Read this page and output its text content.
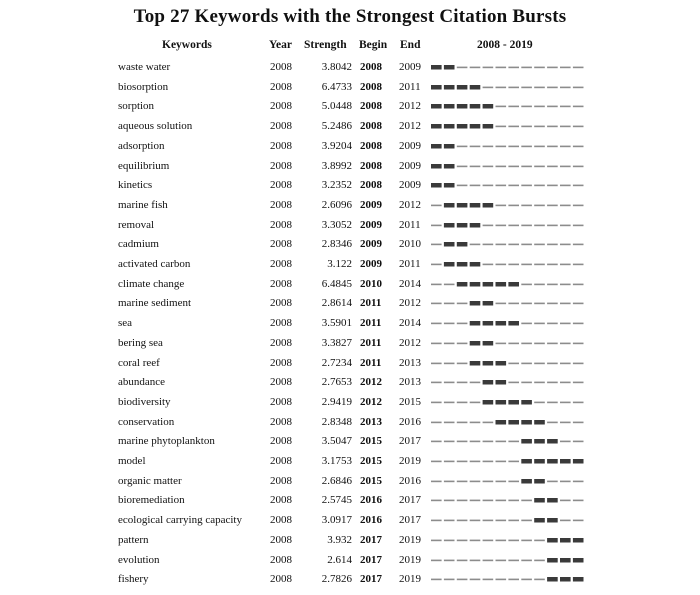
Top 27 Keywords with the Strongest Citation Bursts
Keywords	Year Strength Begin End	2008 - 2019
waste water	2008	3.8042 2008 2009
biosorption	2008	6.4733 2008 2011
sorption	2008	5.0448 2008 2012
aqueous solution	2008	5.2486 2008 2012
adsorption	2008	3.9204 2008 2009
equilibrium	2008	3.8992 2008 2009
kinetics	2008	3.2352 2008 2009
marine fish	2008	2.6096 2009 2012
removal	2008	3.3052 2009 2011
cadmium	2008	2.8346 2009 2010
activated carbon	2008	3.122 2009 2011
climate change	2008	6.4845 2010 2014
marine sediment	2008	2.8614 2011 2012
sea	2008	3.5901 2011 2014
bering sea	2008	3.3827 2011 2012
coral reef	2008	2.7234 2011 2013
abundance	2008	2.7653 2012 2013
biodiversity	2008	2.9419 2012 2015
conservation	2008	2.8348 2013 2016
marine phytoplankton	2008	3.5047 2015 2017
model	2008	3.1753 2015 2019
organic matter	2008	2.6846 2015 2016
bioremediation	2008	2.5745 2016 2017
ecological carrying capacity	2008	3.0917 2016 2017
pattern	2008	3.932 2017 2019
evolution	2008	2.614 2017 2019
fishery	2008	2.7826 2017 2019
